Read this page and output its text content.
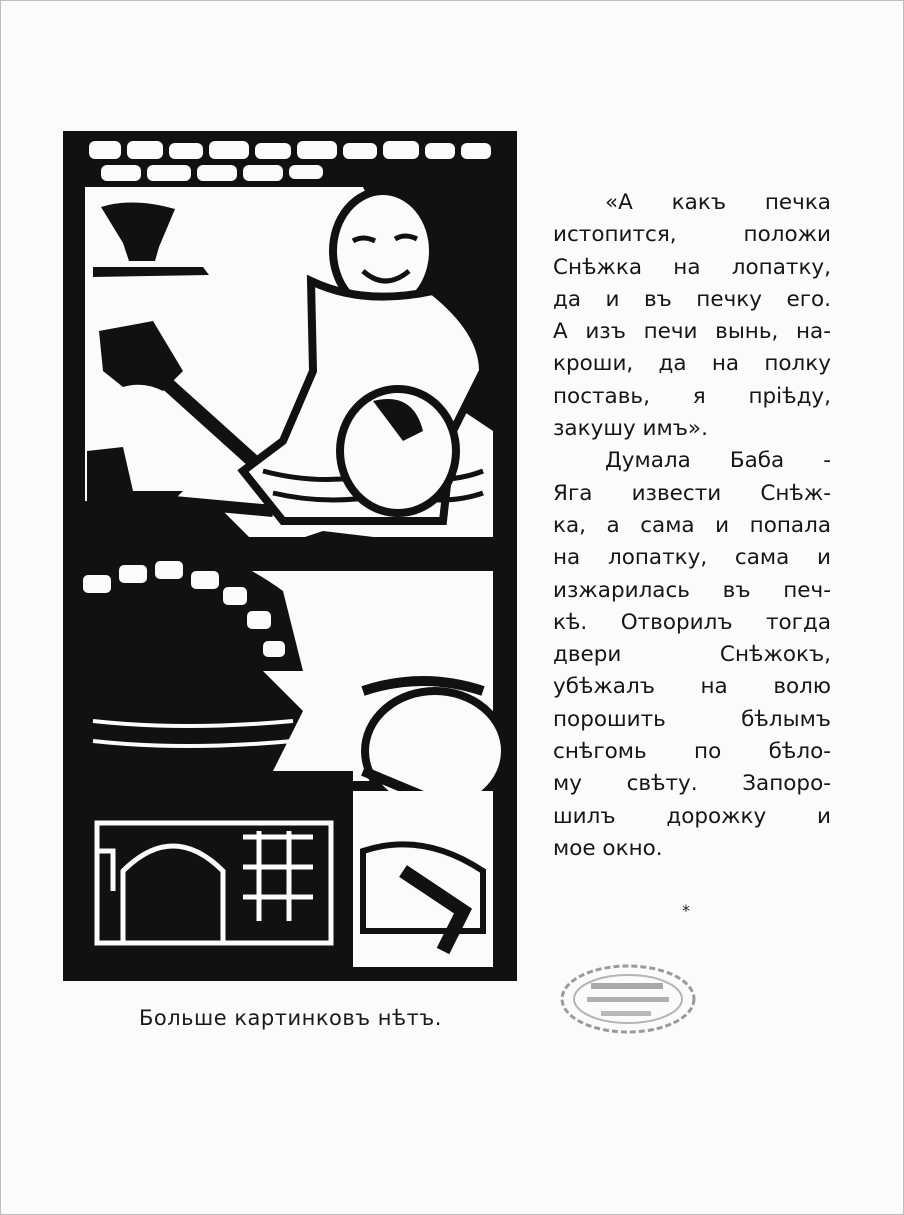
«А какъ печка
истопится, положи
Снѣжка на лопатку,
да и въ печку его.
А изъ печи вынь, на-
кроши, да на полку
поставь, я прiѣду,
закушу имъ».
Думала Баба -
Яга извести Снѣж-
ка, а сама и попала
на лопатку, сама и
изжарилась въ печ-
кѣ. Отворилъ тогда
двери Снѣжокъ,
убѣжалъ на волю
порошить бѣлымъ
снѣгомь по бѣло-
му свѣту. Запоро-
шилъ дорожку и
мое окно.
*
Больше картинковъ нѣтъ.
